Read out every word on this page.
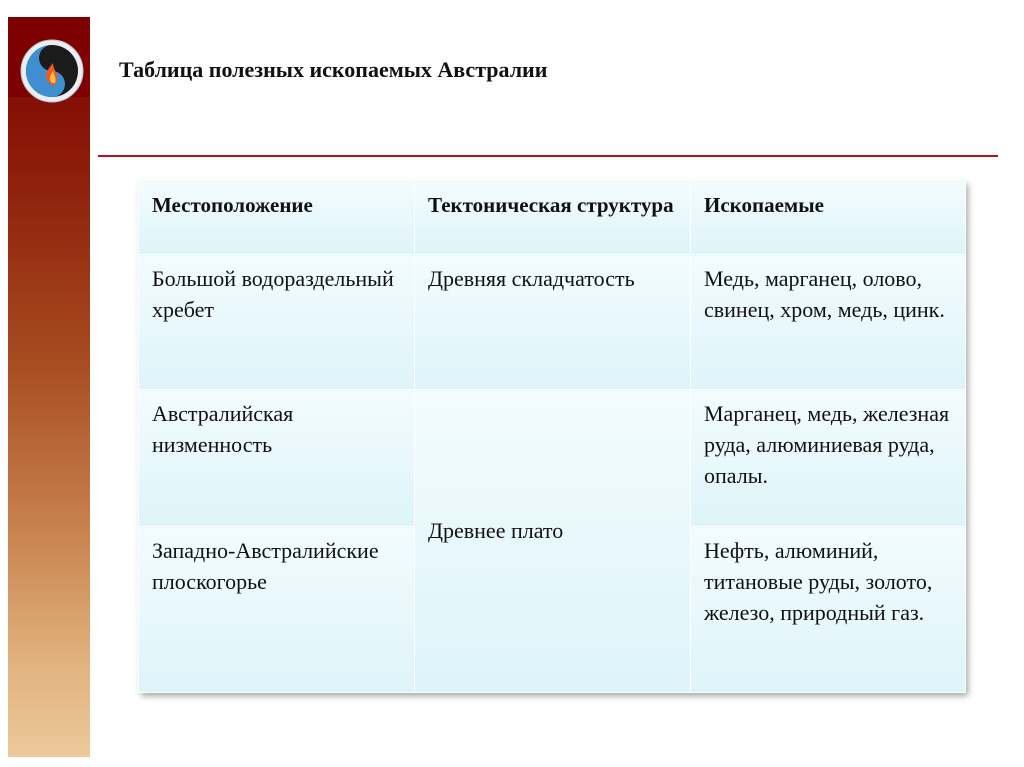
Таблица полезных ископаемых Австралии
Местоположение	Тектоническая структура	Ископаемые
Большой водораздельный хребет	Древняя складчатость	Медь, марганец, олово, свинец, хром, медь, цинк.
Австралийская низменность	Древнее плато	Марганец, медь, железная руда, алюминиевая руда, опалы.
Западно-Австралийские плоскогорье		Нефть, алюминий, титановые руды, золото, железо, природный газ.
